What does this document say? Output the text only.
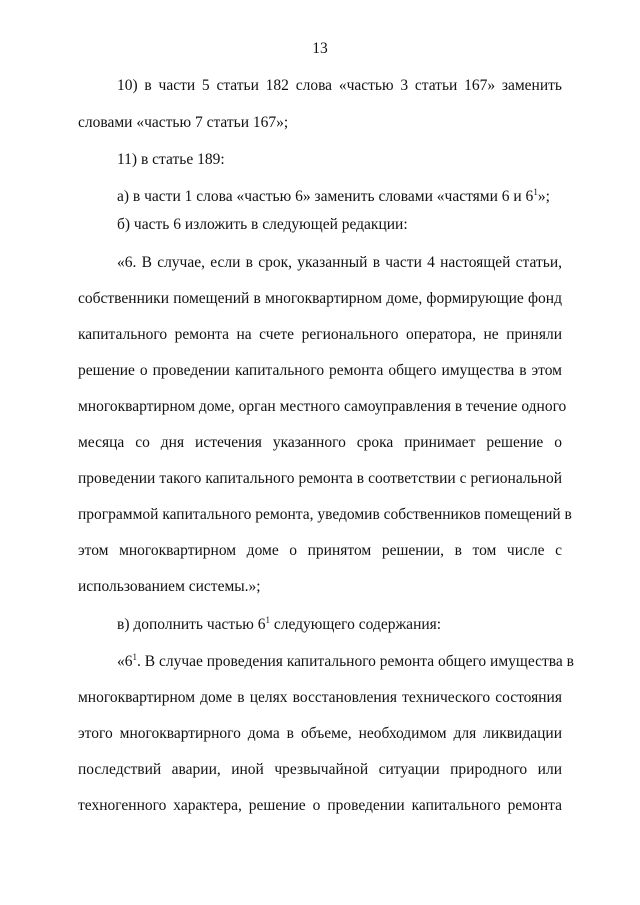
13
10) в части 5 статьи 182 слова «частью 3 статьи 167» заменить
словами «частью 7 статьи 167»;
11) в статье 189:
а) в части 1 слова «частью 6» заменить словами «частями 6 и $6^1$»;
б) часть 6 изложить в следующей редакции:
«6. В случае, если в срок, указанный в части 4 настоящей статьи,
собственники помещений в многоквартирном доме, формирующие фонд
капитального ремонта на счете регионального оператора, не приняли
решение о проведении капитального ремонта общего имущества в этом
многоквартирном доме, орган местного самоуправления в течение одного
месяца со дня истечения указанного срока принимает решение о
проведении такого капитального ремонта в соответствии с региональной
программой капитального ремонта, уведомив собственников помещений в
этом многоквартирном доме о принятом решении, в том числе с
использованием системы.»;
в) дополнить частью $6^1$ следующего содержания:
«$6^1$. В случае проведения капитального ремонта общего имущества в
многоквартирном доме в целях восстановления технического состояния
этого многоквартирного дома в объеме, необходимом для ликвидации
последствий аварии, иной чрезвычайной ситуации природного или
техногенного характера, решение о проведении капитального ремонта
